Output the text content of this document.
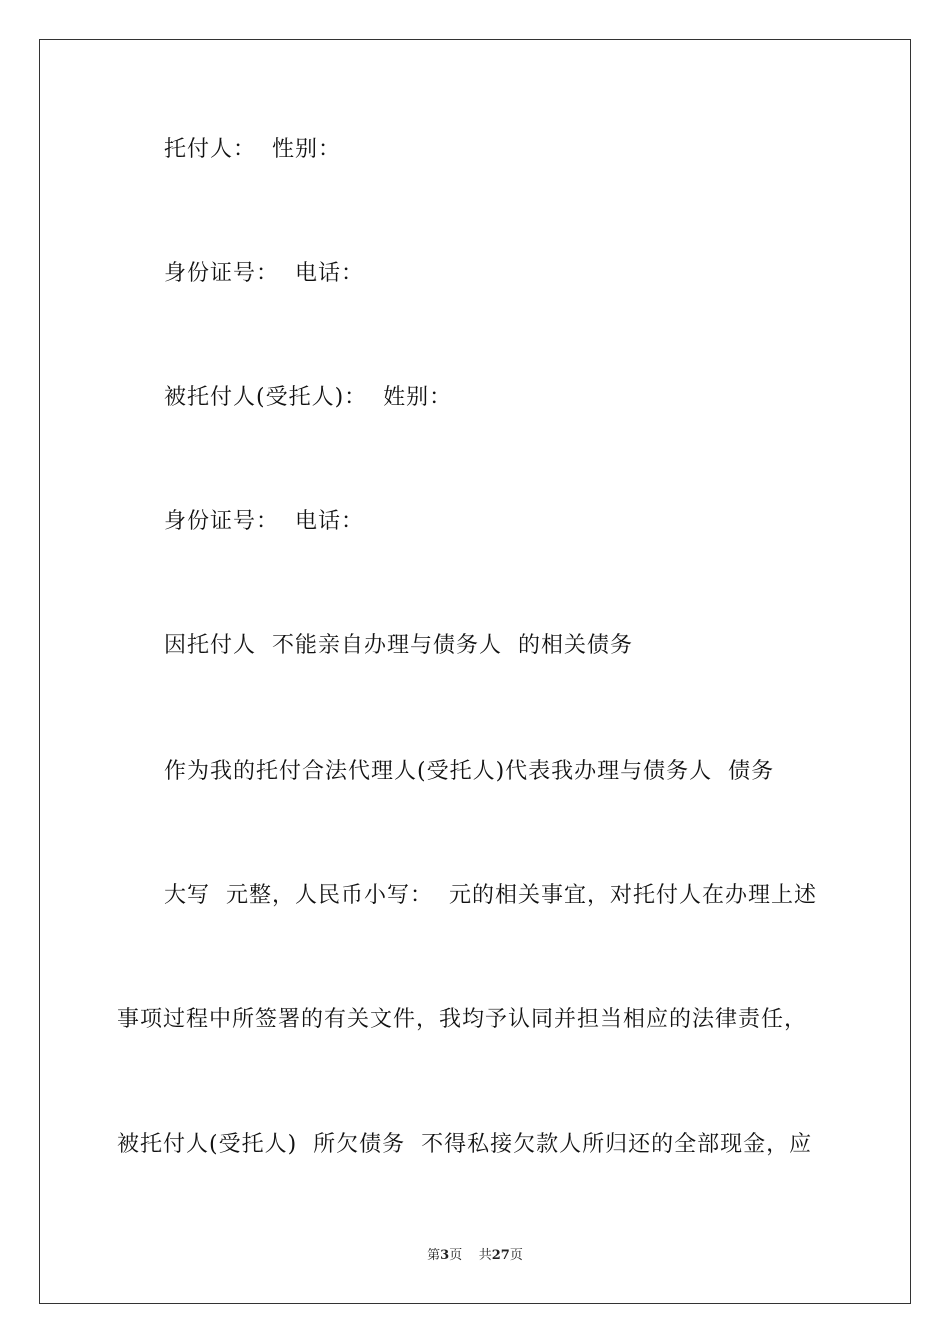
托付人：  性别：
身份证号：  电话：
被托付人(受托人)：  姓别：
身份证号：  电话：
因托付人  不能亲自办理与债务人  的相关债务
作为我的托付合法代理人(受托人)代表我办理与债务人  债务
大写  元整，人民币小写：  元的相关事宜，对托付人在办理上述
事项过程中所签署的有关文件，我均予认同并担当相应的法律责任，
被托付人(受托人)  所欠债务  不得私接欠款人所归还的全部现金，应
第3页 共27页
